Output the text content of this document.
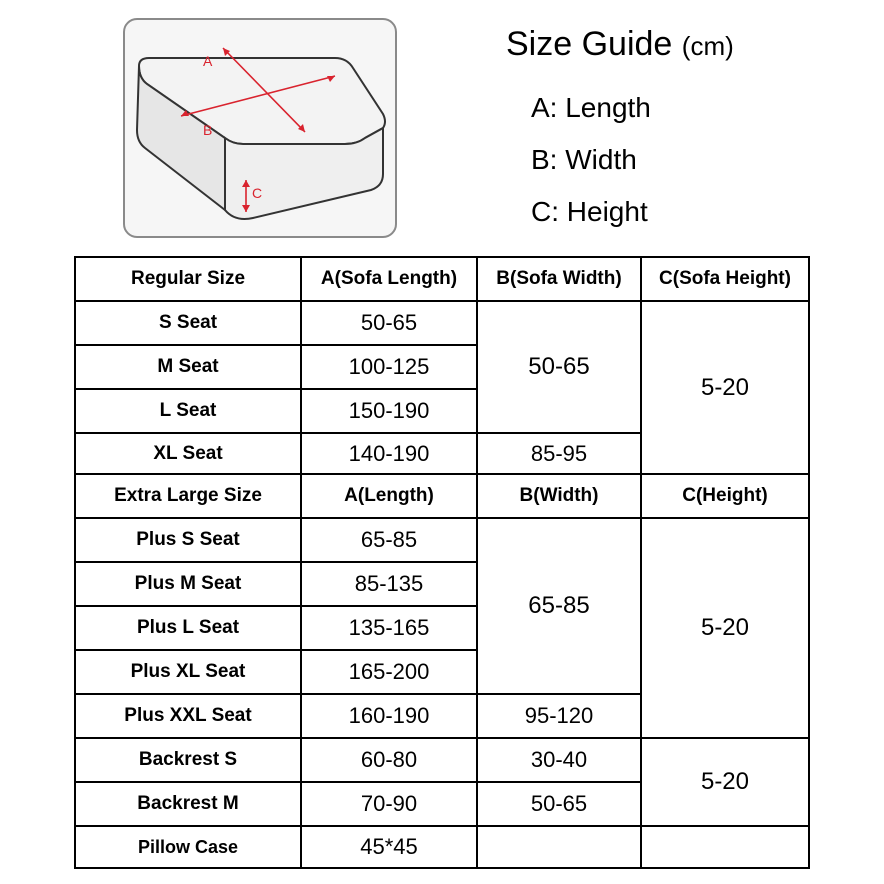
A
B
C
Size Guide (cm)
A: Length
B: Width
C: Height
Regular Size	A(Sofa Length)	B(Sofa Width)	C(Sofa Height)
S Seat	50-65	50-65	5-20
M Seat	100-125		
L Seat	150-190		
XL Seat	140-190	85-95	
Extra Large Size	A(Length)	B(Width)	C(Height)
Plus S Seat	65-85	65-85	5-20
Plus M Seat	85-135		
Plus L Seat	135-165		
Plus XL Seat	165-200		
Plus XXL Seat	160-190	95-120	
Backrest S	60-80	30-40	5-20
Backrest M	70-90	50-65	
Pillow Case	45*45		
